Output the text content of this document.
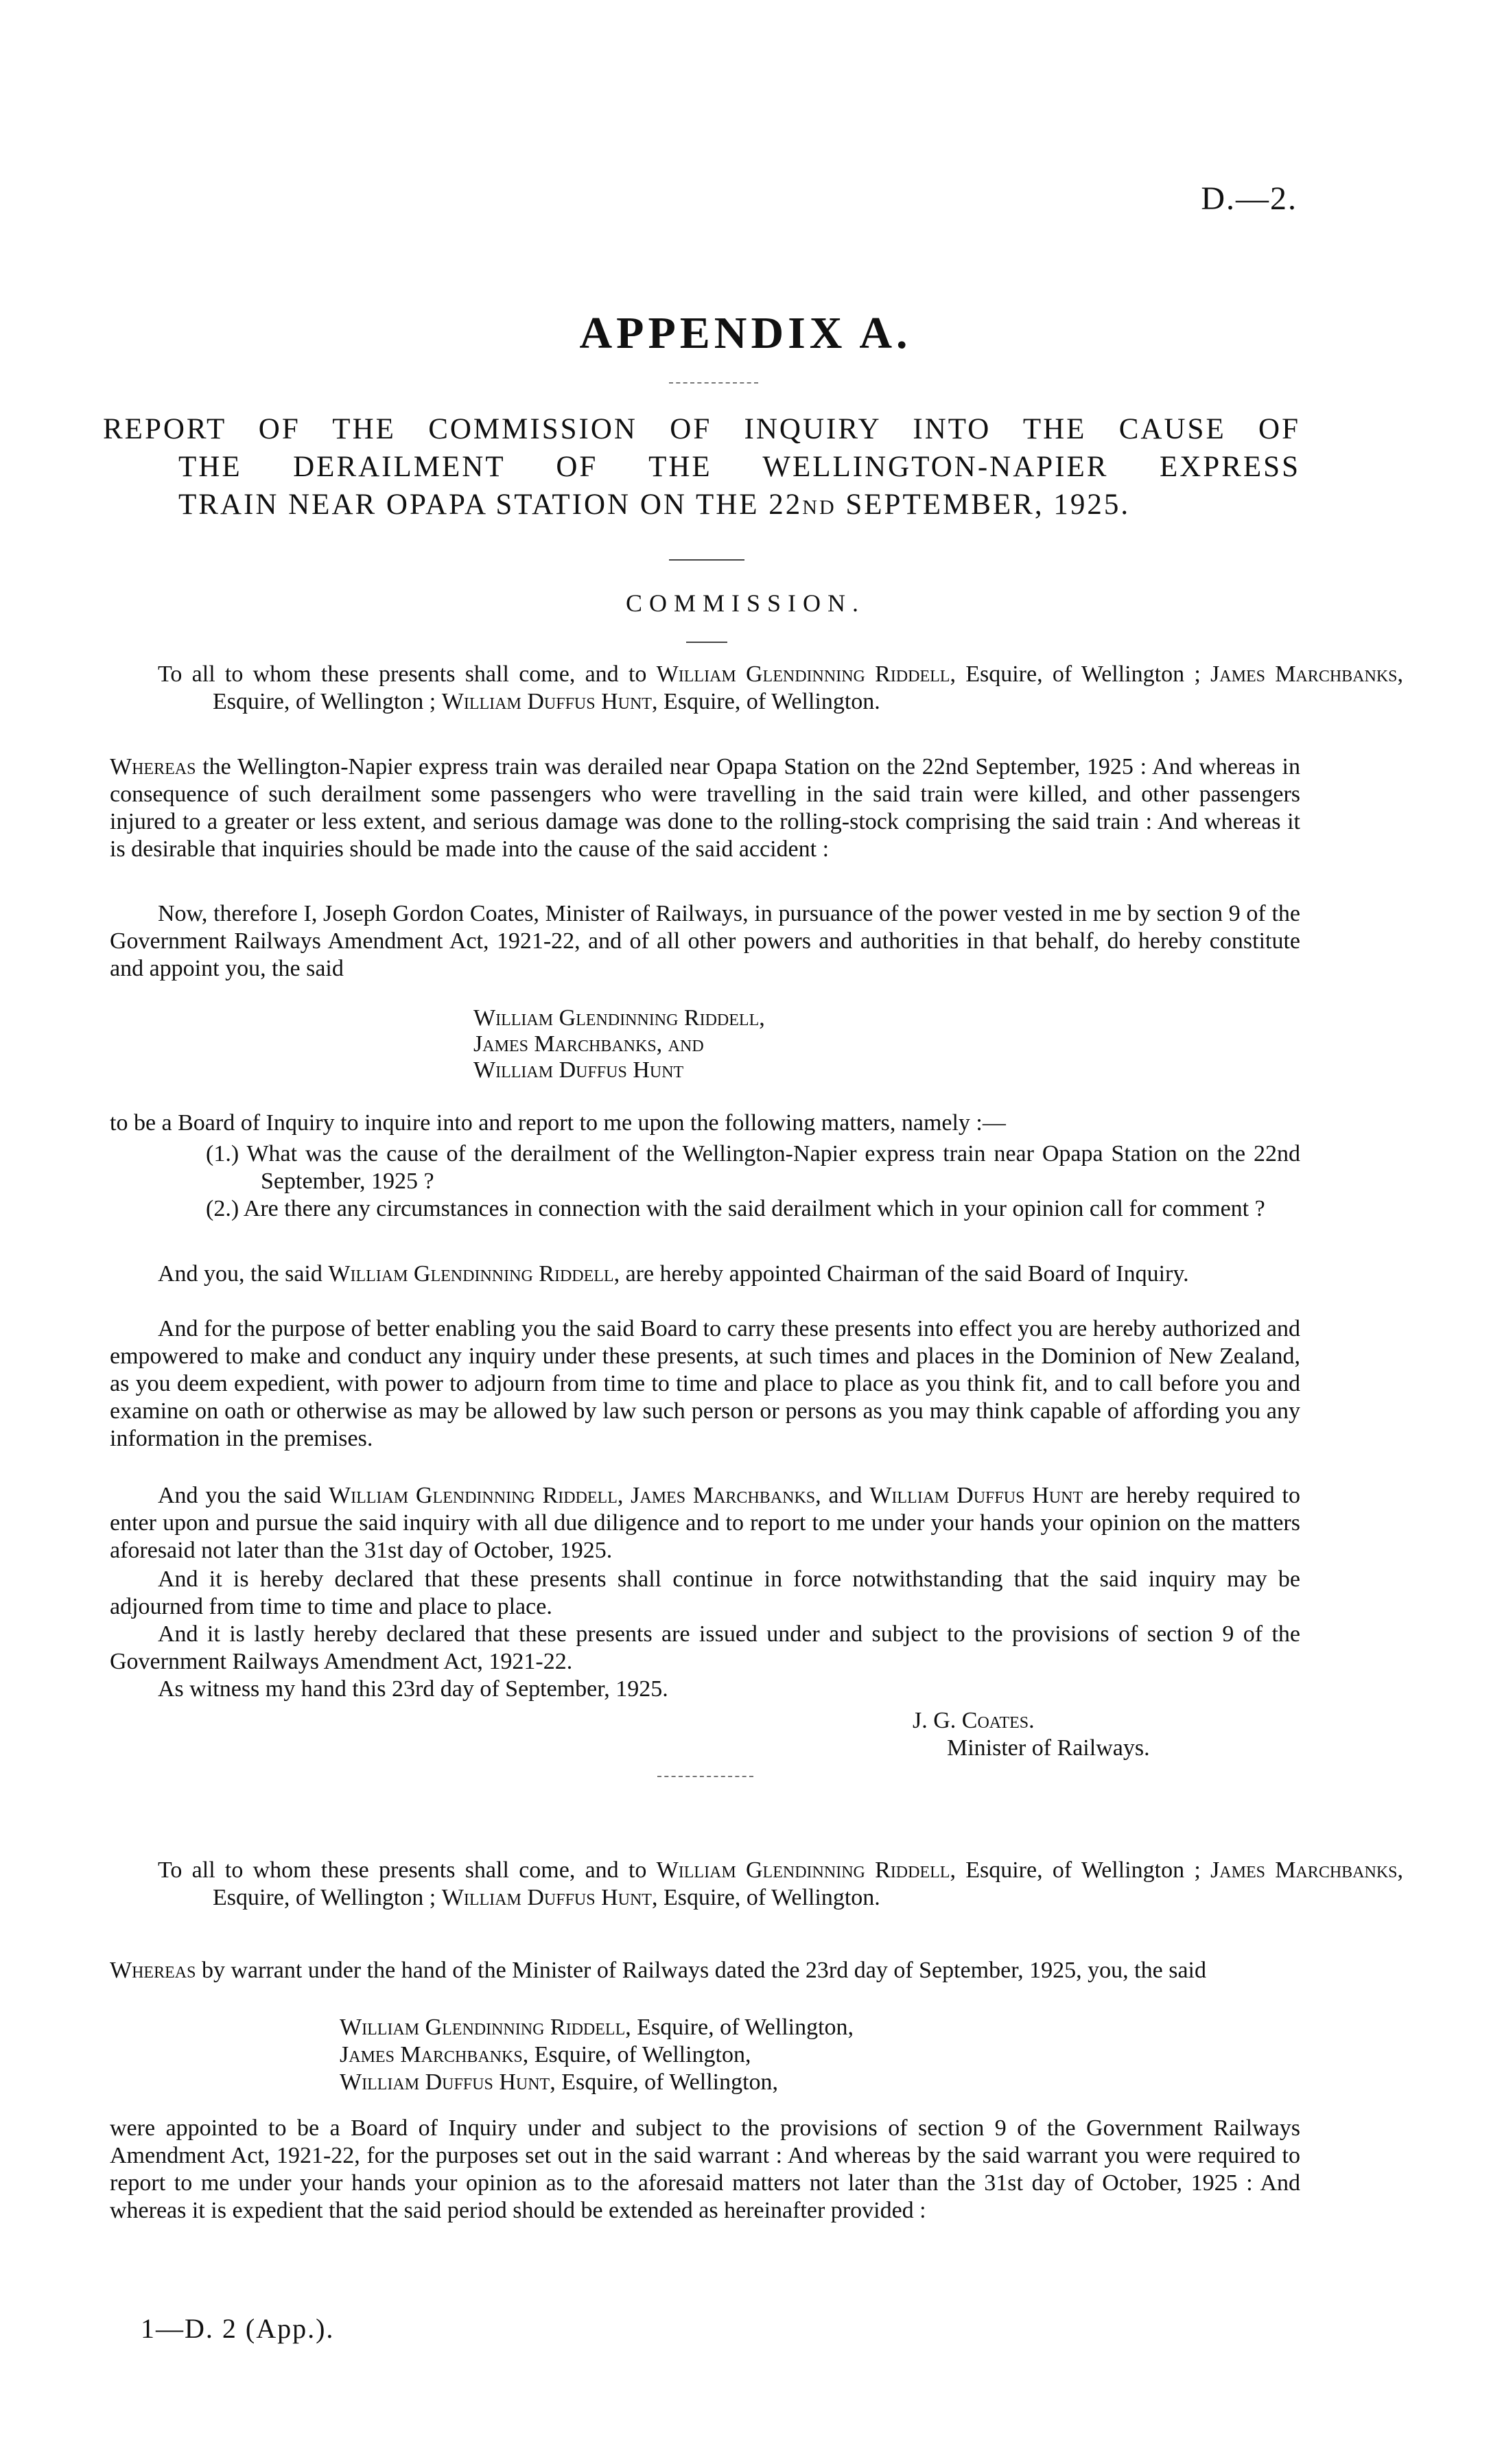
D.—2.
APPENDIX A.
REPORT OF THE COMMISSION OF INQUIRY INTO THE CAUSE OF
THE DERAILMENT OF THE WELLINGTON-NAPIER EXPRESS
TRAIN NEAR OPAPA STATION ON THE 22ND SEPTEMBER, 1925.
COMMISSION.
To all to whom these presents shall come, and to William Glendinning Riddell, Esquire, of Wellington ; James Marchbanks, Esquire, of Wellington ; William Duffus Hunt, Esquire, of Wellington.
Whereas the Wellington-Napier express train was derailed near Opapa Station on the 22nd September, 1925 : And whereas in consequence of such derailment some passengers who were travelling in the said train were killed, and other passengers injured to a greater or less extent, and serious damage was done to the rolling-stock comprising the said train : And whereas it is desirable that inquiries should be made into the cause of the said accident :
Now, therefore I, Joseph Gordon Coates, Minister of Railways, in pursuance of the power vested in me by section 9 of the Government Railways Amendment Act, 1921-22, and of all other powers and authorities in that behalf, do hereby constitute and appoint you, the said
William Glendinning Riddell,
James Marchbanks, and
William Duffus Hunt
to be a Board of Inquiry to inquire into and report to me upon the following matters, namely :—
(1.) What was the cause of the derailment of the Wellington-Napier express train near Opapa Station on the 22nd September, 1925 ?
(2.) Are there any circumstances in connection with the said derailment which in your opinion call for comment ?
And you, the said William Glendinning Riddell, are hereby appointed Chairman of the said Board of Inquiry.
And for the purpose of better enabling you the said Board to carry these presents into effect you are hereby authorized and empowered to make and conduct any inquiry under these presents, at such times and places in the Dominion of New Zealand, as you deem expedient, with power to adjourn from time to time and place to place as you think fit, and to call before you and examine on oath or otherwise as may be allowed by law such person or persons as you may think capable of affording you any information in the premises.
And you the said William Glendinning Riddell, James Marchbanks, and William Duffus Hunt are hereby required to enter upon and pursue the said inquiry with all due diligence and to report to me under your hands your opinion on the matters aforesaid not later than the 31st day of October, 1925.
And it is hereby declared that these presents shall continue in force notwithstanding that the said inquiry may be adjourned from time to time and place to place.
And it is lastly hereby declared that these presents are issued under and subject to the provisions of section 9 of the Government Railways Amendment Act, 1921-22.
As witness my hand this 23rd day of September, 1925.
J. G. Coates.
Minister of Railways.
To all to whom these presents shall come, and to William Glendinning Riddell, Esquire, of Wellington ; James Marchbanks, Esquire, of Wellington ; William Duffus Hunt, Esquire, of Wellington.
Whereas by warrant under the hand of the Minister of Railways dated the 23rd day of September, 1925, you, the said
William Glendinning Riddell, Esquire, of Wellington,
James Marchbanks, Esquire, of Wellington,
William Duffus Hunt, Esquire, of Wellington,
were appointed to be a Board of Inquiry under and subject to the provisions of section 9 of the Government Railways Amendment Act, 1921-22, for the purposes set out in the said warrant : And whereas by the said warrant you were required to report to me under your hands your opinion as to the aforesaid matters not later than the 31st day of October, 1925 : And whereas it is expedient that the said period should be extended as hereinafter provided :
1—D. 2 (App.).
